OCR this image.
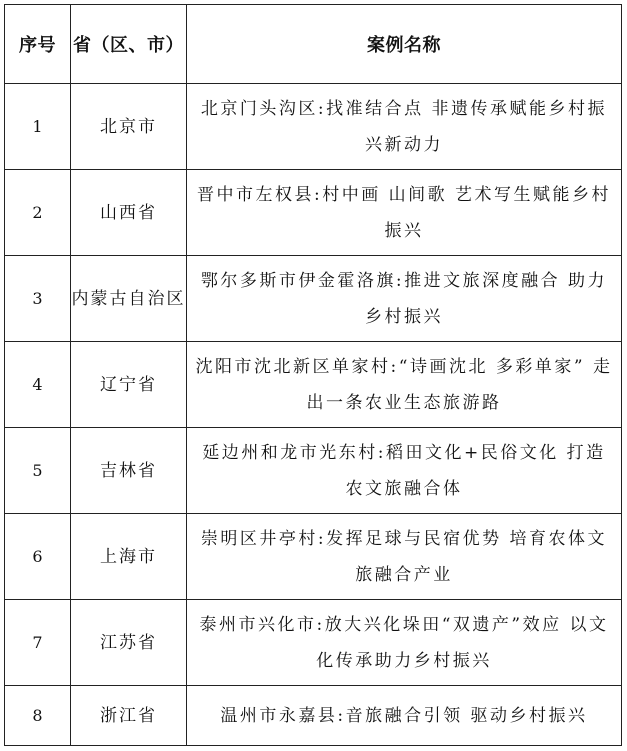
序号	省（区、市）	案例名称
1	北京市	北京门头沟区:找准结合点 非遗传承赋能乡村振兴新动力
2	山西省	晋中市左权县:村中画 山间歌 艺术写生赋能乡村振兴
3	内蒙古自治区	鄂尔多斯市伊金霍洛旗:推进文旅深度融合 助力乡村振兴
4	辽宁省	沈阳市沈北新区单家村:“诗画沈北 多彩单家” 走出一条农业生态旅游路
5	吉林省	延边州和龙市光东村:稻田文化+民俗文化 打造农文旅融合体
6	上海市	崇明区井亭村:发挥足球与民宿优势 培育农体文旅融合产业
7	江苏省	泰州市兴化市:放大兴化垛田“双遗产”效应 以文化传承助力乡村振兴
8	浙江省	温州市永嘉县:音旅融合引领 驱动乡村振兴
